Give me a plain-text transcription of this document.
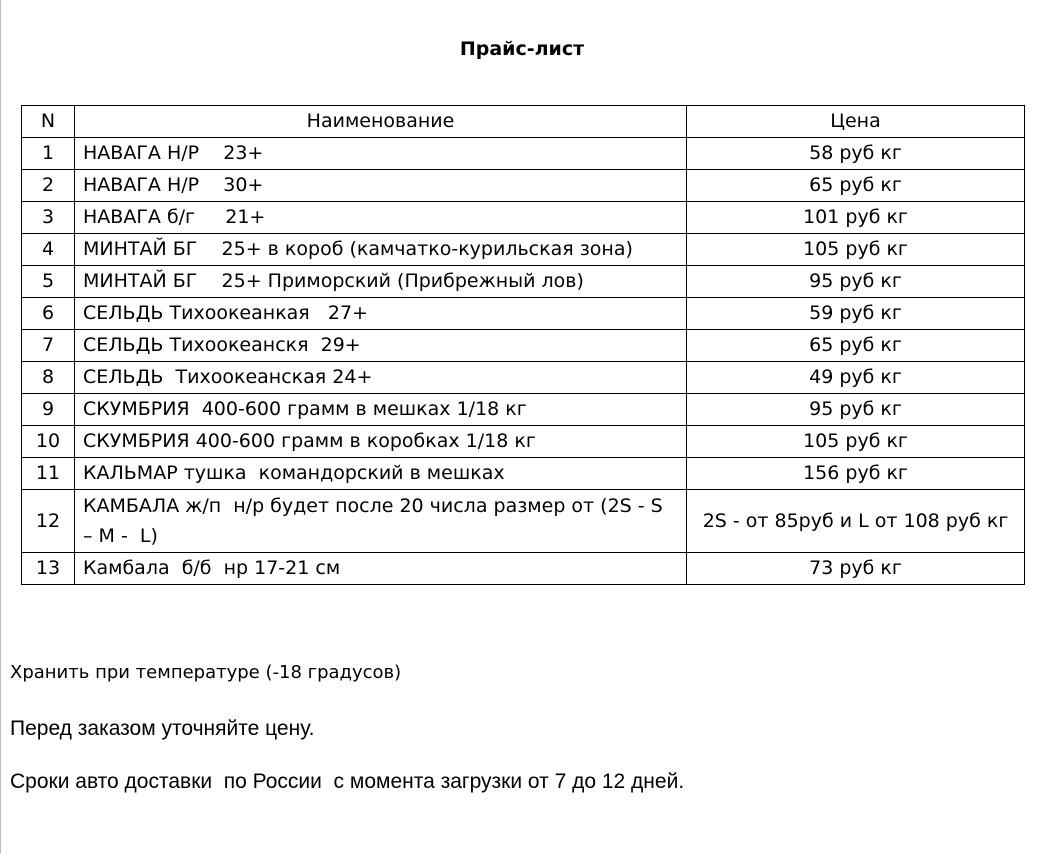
Прайс-лист
N	Наименование	Цена
1	НАВАГА Н/Р    23+	58 руб кг
2	НАВАГА Н/Р    30+	65 руб кг
3	НАВАГА б/г     21+	101 руб кг
4	МИНТАЙ БГ    25+ в короб (камчатко-курильская зона)	105 руб кг
5	МИНТАЙ БГ    25+ Приморский (Прибрежный лов)	95 руб кг
6	СЕЛЬДЬ Тихоокеанкая   27+	59 руб кг
7	СЕЛЬДЬ Тихоокеанскя  29+	65 руб кг
8	СЕЛЬДЬ  Тихоокеанская 24+	49 руб кг
9	СКУМБРИЯ  400-600 грамм в мешках 1/18 кг	95 руб кг
10	СКУМБРИЯ 400-600 грамм в коробках 1/18 кг	105 руб кг
11	КАЛЬМАР тушка  командорский в мешках	156 руб кг
12	КАМБАЛА ж/п  н/р будет после 20 числа размер от (2S - S – M -  L)	2S - от 85руб и L от 108 руб кг
13	Камбала  б/б  нр 17-21 см	73 руб кг
Хранить при температуре (-18 градусов)
Перед заказом уточняйте цену.
Сроки авто доставки  по России  с момента загрузки от 7 до 12 дней.
